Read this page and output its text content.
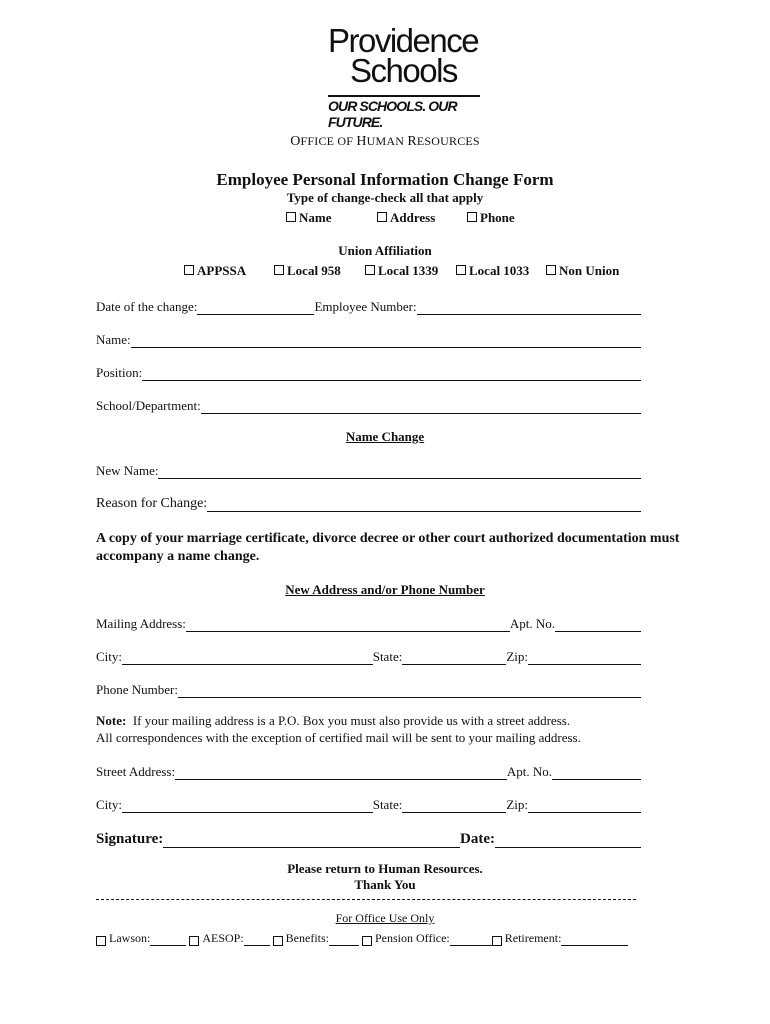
Providence
Schools
OUR SCHOOLS. OUR FUTURE.
OFFICE OF HUMAN RESOURCES
Employee Personal Information Change Form
Type of change-check all that apply
Name	Address	Phone
Union Affiliation
APPSSA	Local 958	Local 1339	Local 1033	Non Union
Date of the change:	Employee Number:
Name:
Position:
School/Department:
Name Change
New Name:
Reason for Change:
A copy of your marriage certificate, divorce decree or other court authorized documentation must accompany a name change.
New Address and/or Phone Number
Mailing Address:	Apt. No.
City:	State:	Zip:
Phone Number:
Note: If your mailing address is a P.O. Box you must also provide us with a street address.
All correspondences with the exception of certified mail will be sent to your mailing address.
Street Address:	Apt. No.
City:	State:	Zip:
Signature:	Date:
Please return to Human Resources.
Thank You
For Office Use Only
Lawson:	AESOP:	Benefits:	Pension Office:	Retirement:
